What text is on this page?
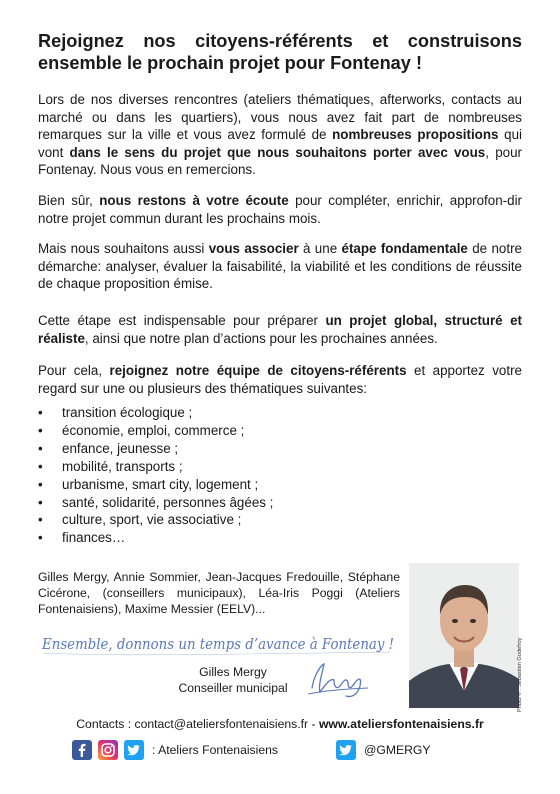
Rejoignez nos citoyens-référents et construisons ensemble le prochain projet pour Fontenay !

Lors de nos diverses rencontres (ateliers thématiques, afterworks, contacts au marché ou dans les quartiers), vous nous avez fait part de nombreuses remarques sur la ville et vous avez formulé de nombreuses propositions qui vont dans le sens du projet que nous souhaitons porter avec vous, pour Fontenay. Nous vous en remercions.

Bien sûr, nous restons à votre écoute pour compléter, enrichir, approfon-dir notre projet commun durant les prochains mois.

Mais nous souhaitons aussi vous associer à une étape fondamentale de notre démarche: analyser, évaluer la faisabilité, la viabilité et les conditions de réussite de chaque proposition émise.

Cette étape est indispensable pour préparer un projet global, structuré et réaliste, ainsi que notre plan d’actions pour les prochaines années.

Pour cela, rejoignez notre équipe de citoyens-référents et apportez votre regard sur une ou plusieurs des thématiques suivantes:

• transition écologique ;
• économie, emploi, commerce ;
• enfance, jeunesse ;
• mobilité, transports ;
• urbanisme, smart city, logement ;
• santé, solidarité, personnes âgées ;
• culture, sport, vie associative ;
• finances…

Gilles Mergy, Annie Sommier, Jean-Jacques Fredouille, Stéphane Cicérone, (conseillers municipaux), Léa-Iris Poggi (Ateliers Fontenaisiens), Maxime Messier (EELV)...

Ensemble, donnons un temps d’avance à Fontenay !
Gilles Mergy
Conseiller municipal	Photo © : Sébastien Godefroy
Contacts : contact@ateliersfontenaisiens.fr - www.ateliersfontenaisiens.fr
: Ateliers Fontenaisiens	@GMERGY
